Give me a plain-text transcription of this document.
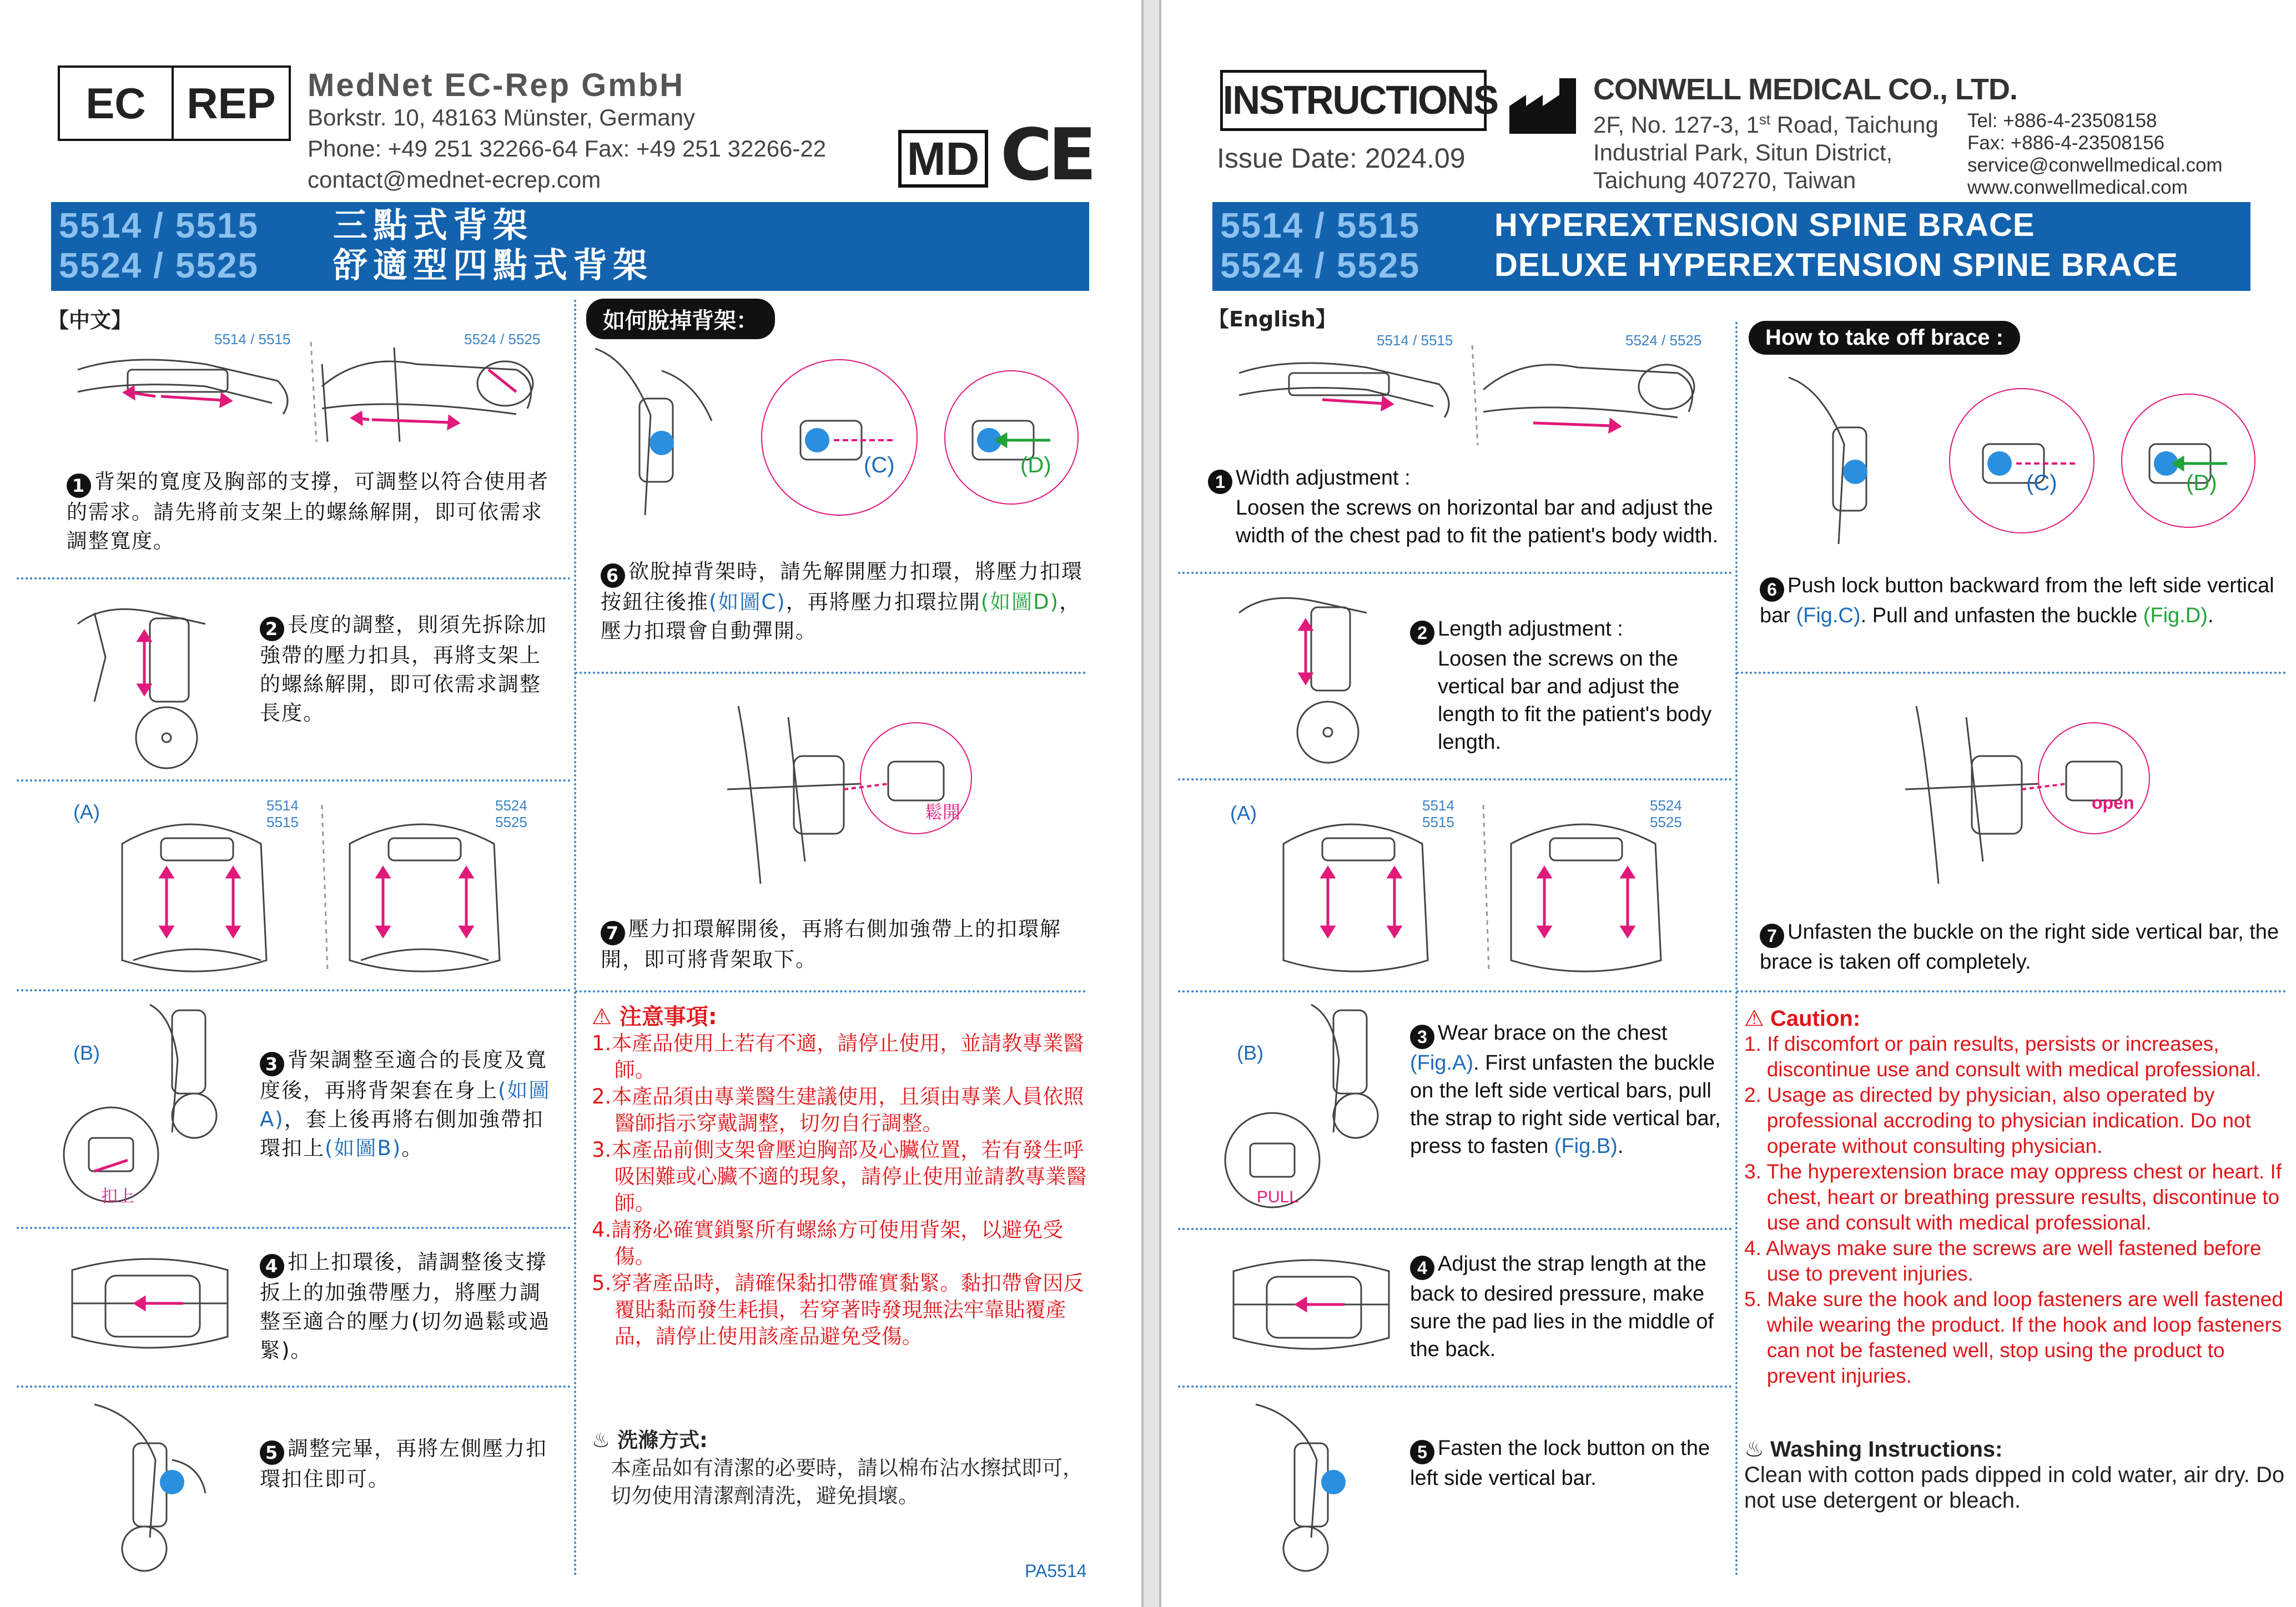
EC REP MedNet EC-Rep GmbH
Borkstr. 10, 48163 Münster, Germany
Phone: +49 251 32266-64 Fax: +49 251 32266-22
contact@mednet-ecrep.com	MD CE
5514 / 5515
5524 / 5525
三點式背架
舒適型四點式背架
【中文】	如何脫掉背架：
5514 / 5515	5524 / 5525
1 背架的寬度及胸部的支撐，可調整以符合使用者的需求。請先將前支架上的螺絲解開，即可依需求調整寬度。
2 長度的調整，則須先拆除加強帶的壓力扣具，再將支架上的螺絲解開，即可依需求調整長度。
(A)	5514
5515
5524
5525
(B)
扣上
3 背架調整至適合的長度及寬度後，再將背架套在身上(如圖A)，套上後再將右側加強帶扣環扣上(如圖B)。
4 扣上扣環後，請調整後支撐扳上的加強帶壓力，將壓力調整至適合的壓力(切勿過鬆或過緊)。
5 調整完畢，再將左側壓力扣環扣住即可。
(C)	(D)
6 欲脫掉背架時，請先解開壓力扣環，將壓力扣環按鈕往後推(如圖C)，再將壓力扣環拉開(如圖D)，壓力扣環會自動彈開。
鬆開
7 壓力扣環解開後，再將右側加強帶上的扣環解開，即可將背架取下。
⚠ 注意事項:

1.本產品使用上若有不適，請停止使用，並請教專業醫師。

2.本產品須由專業醫生建議使用，且須由專業人員依照醫師指示穿戴調整，切勿自行調整。

3.本產品前側支架會壓迫胸部及心臟位置，若有發生呼吸困難或心臟不適的現象，請停止使用並請教專業醫師。

4.請務必確實鎖緊所有螺絲方可使用背架，以避免受傷。

5.穿著產品時，請確保黏扣帶確實黏緊。黏扣帶會因反覆貼黏而發生耗損，若穿著時發現無法牢靠貼覆產品，請停止使用該產品避免受傷。

♨ 洗滌方式:
本產品如有清潔的必要時，請以棉布沾水擦拭即可，切勿使用清潔劑清洗，避免損壞。
PA5514
INSTRUCTIONS
Issue Date: 2024.09
CONWELL MEDICAL CO., LTD.
2F, No. 127-3, 1st Road, Taichung
Industrial Park, Situn District,
Taichung 407270, Taiwan
Tel: +886-4-23508158
Fax: +886-4-23508156
service@conwellmedical.com
www.conwellmedical.com
5514 / 5515
5524 / 5525
HYPEREXTENSION SPINE BRACE
DELUXE HYPEREXTENSION SPINE BRACE
【English】
How to take off brace :
5514 / 5515	5524 / 5525
1 Width adjustment :
Loosen the screws on horizontal bar and adjust the width of the chest pad to fit the patient's body width.
2 Length adjustment :
Loosen the screws on the vertical bar and adjust the length to fit the patient's body length.
(A)	5514
5515
5524
5525
(B)
PULL
3 Wear brace on the chest (Fig.A). First unfasten the buckle on the left side vertical bars, pull the strap to right side vertical bar, press to fasten (Fig.B).
4 Adjust the strap length at the back to desired pressure, make sure the pad lies in the middle of the back.
5 Fasten the lock button on the left side vertical bar.
(C)	(D)
6 Push lock button backward from the left side vertical bar (Fig.C). Pull and unfasten the buckle (Fig.D).
open
7 Unfasten the buckle on the right side vertical bar, the brace is taken off completely.
⚠ Caution:

1. If discomfort or pain results, persists or increases, discontinue use and consult with medical professional.

2. Usage as directed by physician, also operated by professional accroding to physician indication. Do not operate without consulting physician.

3. The hyperextension brace may oppress chest or heart. If chest, heart or breathing pressure results, discontinue to use and consult with medical professional.

4. Always make sure the screws are well fastened before use to prevent injuries.

5. Make sure the hook and loop fasteners are well fastened while wearing the product. If the hook and loop fasteners can not be fastened well, stop using the product to prevent injuries.

♨ Washing Instructions:
Clean with cotton pads dipped in cold water, air dry. Do not use detergent or bleach.
